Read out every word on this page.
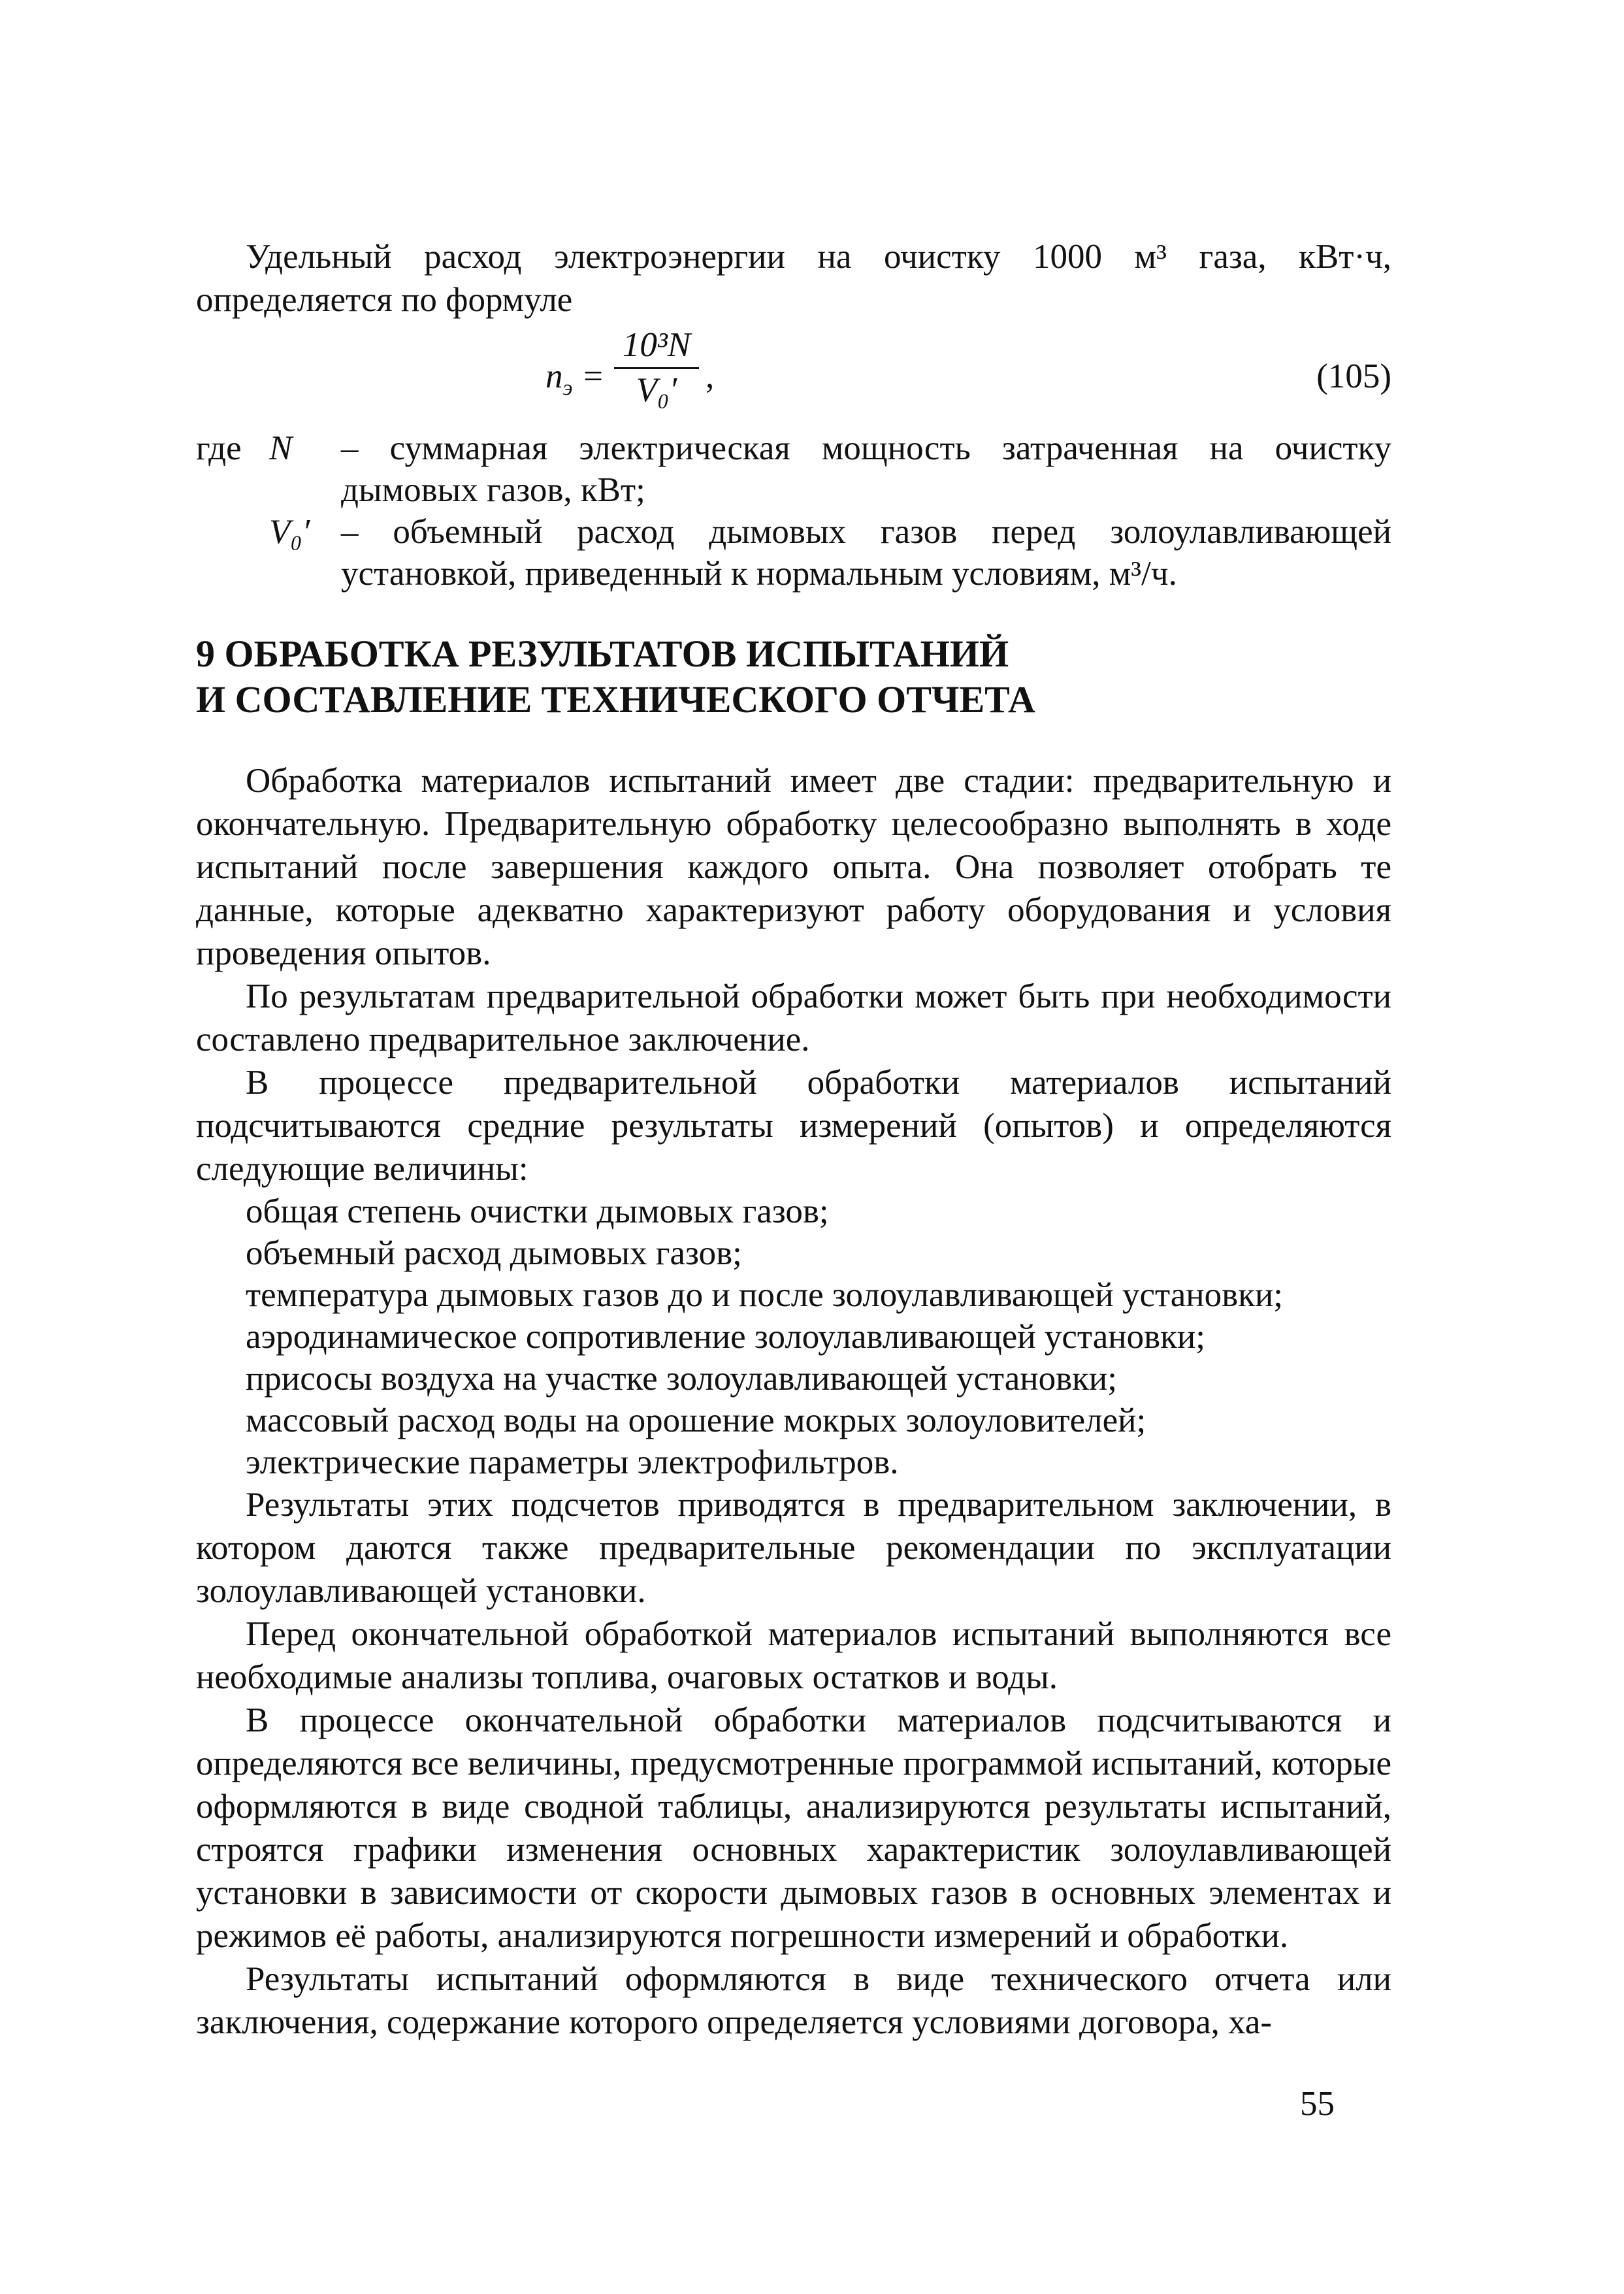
Удельный расход электроэнергии на очистку 1000 м³ газа, кВт·ч, определяется по формуле

$n_э = \frac{\text{10³N}}{\text{V₀′}}$ ,	(105)
где	N	– суммарная электрическая мощность затраченная на очистку дымовых газов, кВт;
	V₀′	– объемный расход дымовых газов перед золоулавливающей установкой, приведенный к нормальным условиям, м³/ч.
9 ОБРАБОТКА РЕЗУЛЬТАТОВ ИСПЫТАНИЙ
И СОСТАВЛЕНИЕ ТЕХНИЧЕСКОГО ОТЧЕТА

Обработка материалов испытаний имеет две стадии: предварительную и окончательную. Предварительную обработку целесообразно выполнять в ходе испытаний после завершения каждого опыта. Она позволяет отобрать те данные, которые адекватно характеризуют работу оборудования и условия проведения опытов.

По результатам предварительной обработки может быть при необходимости составлено предварительное заключение.

В процессе предварительной обработки материалов испытаний подсчитываются средние результаты измерений (опытов) и определяются следующие величины:

общая степень очистки дымовых газов;
объемный расход дымовых газов;
температура дымовых газов до и после золоулавливающей установки;
аэродинамическое сопротивление золоулавливающей установки;
присосы воздуха на участке золоулавливающей установки;
массовый расход воды на орошение мокрых золоуловителей;
электрические параметры электрофильтров.

Результаты этих подсчетов приводятся в предварительном заключении, в котором даются также предварительные рекомендации по эксплуатации золоулавливающей установки.

Перед окончательной обработкой материалов испытаний выполняются все необходимые анализы топлива, очаговых остатков и воды.

В процессе окончательной обработки материалов подсчитываются и определяются все величины, предусмотренные программой испытаний, которые оформляются в виде сводной таблицы, анализируются результаты испытаний, строятся графики изменения основных характеристик золоулавливающей установки в зависимости от скорости дымовых газов в основных элементах и режимов её работы, анализируются погрешности измерений и обработки.

Результаты испытаний оформляются в виде технического отчета или заключения, содержание которого определяется условиями договора, ха-

55
